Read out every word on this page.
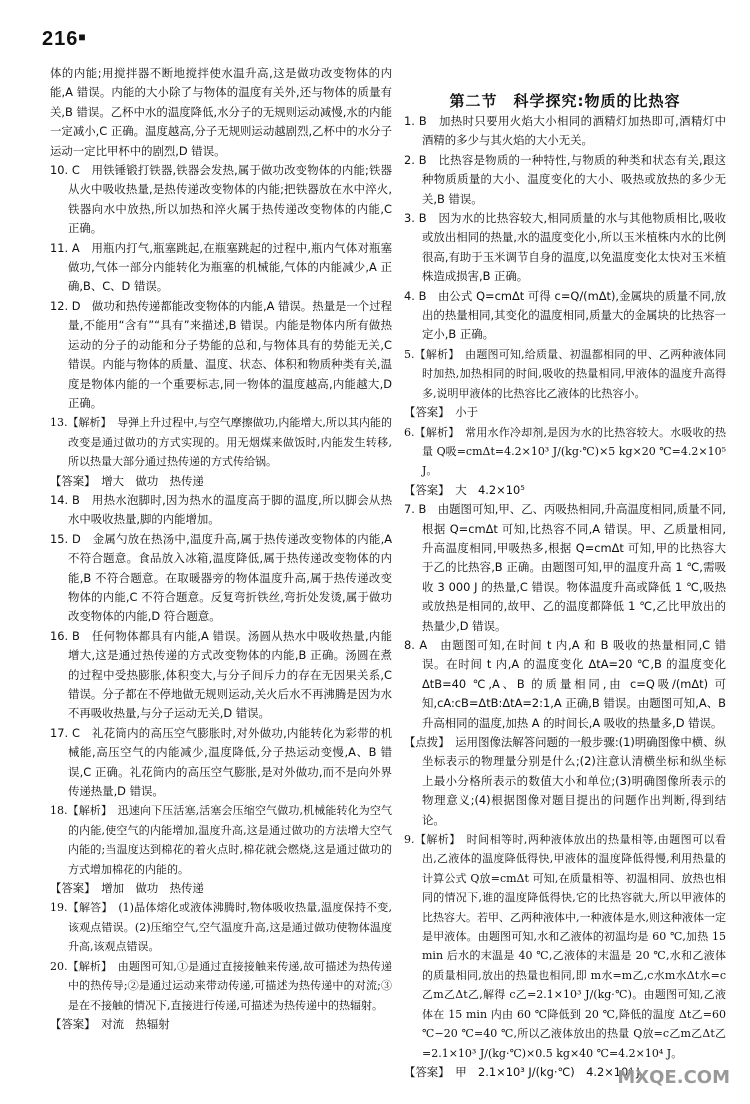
216■

体的内能;用搅拌器不断地搅拌使水温升高,这是做功改变物体的内能,A 错误。内能的大小除了与物体的温度有关外,还与物体的质量有关,B 错误。乙杯中水的温度降低,水分子的无规则运动减慢,水的内能一定减小,C 正确。温度越高,分子无规则运动越剧烈,乙杯中的水分子运动一定比甲杯中的剧烈,D 错误。

10. C　用铁锤锻打铁器,铁器会发热,属于做功改变物体的内能;铁器从火中吸收热量,是热传递改变物体的内能;把铁器放在水中淬火,铁器向水中放热,所以加热和淬火属于热传递改变物体的内能,C 正确。

11. A　用瓶内打气,瓶塞跳起,在瓶塞跳起的过程中,瓶内气体对瓶塞做功,气体一部分内能转化为瓶塞的机械能,气体的内能减少,A 正确,B、C、D 错误。

12. D　做功和热传递都能改变物体的内能,A 错误。热量是一个过程量,不能用“含有”“具有”来描述,B 错误。内能是物体内所有做热运动的分子的动能和分子势能的总和,与物体具有的势能无关,C 错误。内能与物体的质量、温度、状态、体积和物质种类有关,温度是物体内能的一个重要标志,同一物体的温度越高,内能越大,D 正确。

13.【解析】　导弹上升过程中,与空气摩擦做功,内能增大,所以其内能的改变是通过做功的方式实现的。用无烟煤来做饭时,内能发生转移,所以热量大部分通过热传递的方式传给锅。

【答案】　增大　做功　热传递

14. B　用热水泡脚时,因为热水的温度高于脚的温度,所以脚会从热水中吸收热量,脚的内能增加。

15. D　金属勺放在热汤中,温度升高,属于热传递改变物体的内能,A 不符合题意。食品放入冰箱,温度降低,属于热传递改变物体的内能,B 不符合题意。在取暖器旁的物体温度升高,属于热传递改变物体的内能,C 不符合题意。反复弯折铁丝,弯折处发烫,属于做功改变物体的内能,D 符合题意。

16. B　任何物体都具有内能,A 错误。汤圆从热水中吸收热量,内能增大,这是通过热传递的方式改变物体的内能,B 正确。汤圆在煮的过程中受热膨胀,体积变大,与分子间斥力的存在无因果关系,C 错误。分子都在不停地做无规则运动,关火后水不再沸腾是因为水不再吸收热量,与分子运动无关,D 错误。

17. C　礼花筒内的高压空气膨胀时,对外做功,内能转化为彩带的机械能,高压空气的内能减少,温度降低,分子热运动变慢,A、B 错误,C 正确。礼花筒内的高压空气膨胀,是对外做功,而不是向外界传递热量,D 错误。

18.【解析】　迅速向下压活塞,活塞会压缩空气做功,机械能转化为空气的内能,使空气的内能增加,温度升高,这是通过做功的方法增大空气内能的;当温度达到棉花的着火点时,棉花就会燃烧,这是通过做功的方式增加棉花的内能的。

【答案】　增加　做功　热传递

19.【解答】　(1)晶体熔化或液体沸腾时,物体吸收热量,温度保持不变,该观点错误。(2)压缩空气,空气温度升高,这是通过做功使物体温度升高,该观点错误。

20.【解析】　由题图可知,①是通过直接接触来传递,故可描述为热传递中的热传导;②是通过运动来带动传递,可描述为热传递中的对流;③是在不接触的情况下,直接进行传递,可描述为热传递中的热辐射。

【答案】　对流　热辐射

第二节　科学探究:物质的比热容

1. B　加热时只要用火焰大小相同的酒精灯加热即可,酒精灯中酒精的多少与其火焰的大小无关。

2. B　比热容是物质的一种特性,与物质的种类和状态有关,跟这种物质质量的大小、温度变化的大小、吸热或放热的多少无关,B 错误。

3. B　因为水的比热容较大,相同质量的水与其他物质相比,吸收或放出相同的热量,水的温度变化小,所以玉米植株内水的比例很高,有助于玉米调节自身的温度,以免温度变化太快对玉米植株造成损害,B 正确。

4. B　由公式 Q=cmΔt 可得 c=Q/(mΔt),金属块的质量不同,放出的热量相同,其变化的温度相同,质量大的金属块的比热容一定小,B 正确。

5.【解析】　由题图可知,给质量、初温都相同的甲、乙两种液体同时加热,加热相同的时间,吸收的热量相同,甲液体的温度升高得多,说明甲液体的比热容比乙液体的比热容小。

【答案】　小于

6.【解析】　常用水作冷却剂,是因为水的比热容较大。水吸收的热量 Q吸=cmΔt=4.2×10³ J/(kg·℃)×5 kg×20 ℃=4.2×10⁵ J。

【答案】　大　4.2×10⁵

7. B　由题图可知,甲、乙、丙吸热相同,升高温度相同,质量不同,根据 Q=cmΔt 可知,比热容不同,A 错误。甲、乙质量相同,升高温度相同,甲吸热多,根据 Q=cmΔt 可知,甲的比热容大于乙的比热容,B 正确。由题图可知,甲的温度升高 1 ℃,需吸收 3 000 J 的热量,C 错误。物体温度升高或降低 1 ℃,吸热或放热是相同的,故甲、乙的温度都降低 1 ℃,乙比甲放出的热量少,D 错误。

8. A　由题图可知,在时间 t 内,A 和 B 吸收的热量相同,C 错误。在时间 t 内,A 的温度变化 ΔtA=20 ℃,B 的温度变化 ΔtB=40 ℃,A、B 的质量相同,由 c=Q吸/(mΔt) 可知,cA:cB=ΔtB:ΔtA=2:1,A 正确,B 错误。由题图可知,A、B 升高相同的温度,加热 A 的时间长,A 吸收的热量多,D 错误。

【点拨】　运用图像法解答问题的一般步骤:(1)明确图像中横、纵坐标表示的物理量分别是什么;(2)注意认清横坐标和纵坐标上最小分格所表示的数值大小和单位;(3)明确图像所表示的物理意义;(4)根据图像对题目提出的问题作出判断,得到结论。

9.【解析】　时间相等时,两种液体放出的热量相等,由题图可以看出,乙液体的温度降低得快,甲液体的温度降低得慢,利用热量的计算公式 Q放=cmΔt 可知,在质量相等、初温相同、放热也相同的情况下,谁的温度降低得快,它的比热容就大,所以甲液体的比热容大。若甲、乙两种液体中,一种液体是水,则这种液体一定是甲液体。由题图可知,水和乙液体的初温均是 60 ℃,加热 15 min 后水的末温是 40 ℃,乙液体的末温是 20 ℃,水和乙液体的质量相同,放出的热量也相同,即 m水=m乙,c水m水Δt水=c乙m乙Δt乙,解得 c乙=2.1×10³ J/(kg·℃)。由题图可知,乙液体在 15 min 内由 60 ℃降低到 20 ℃,降低的温度 Δt乙=60 ℃−20 ℃=40 ℃,所以乙液体放出的热量 Q放=c乙m乙Δt乙=2.1×10³ J/(kg·℃)×0.5 kg×40 ℃=4.2×10⁴ J。

【答案】　甲　2.1×10³ J/(kg·℃)　4.2×10⁴ J

MXQE.COM
